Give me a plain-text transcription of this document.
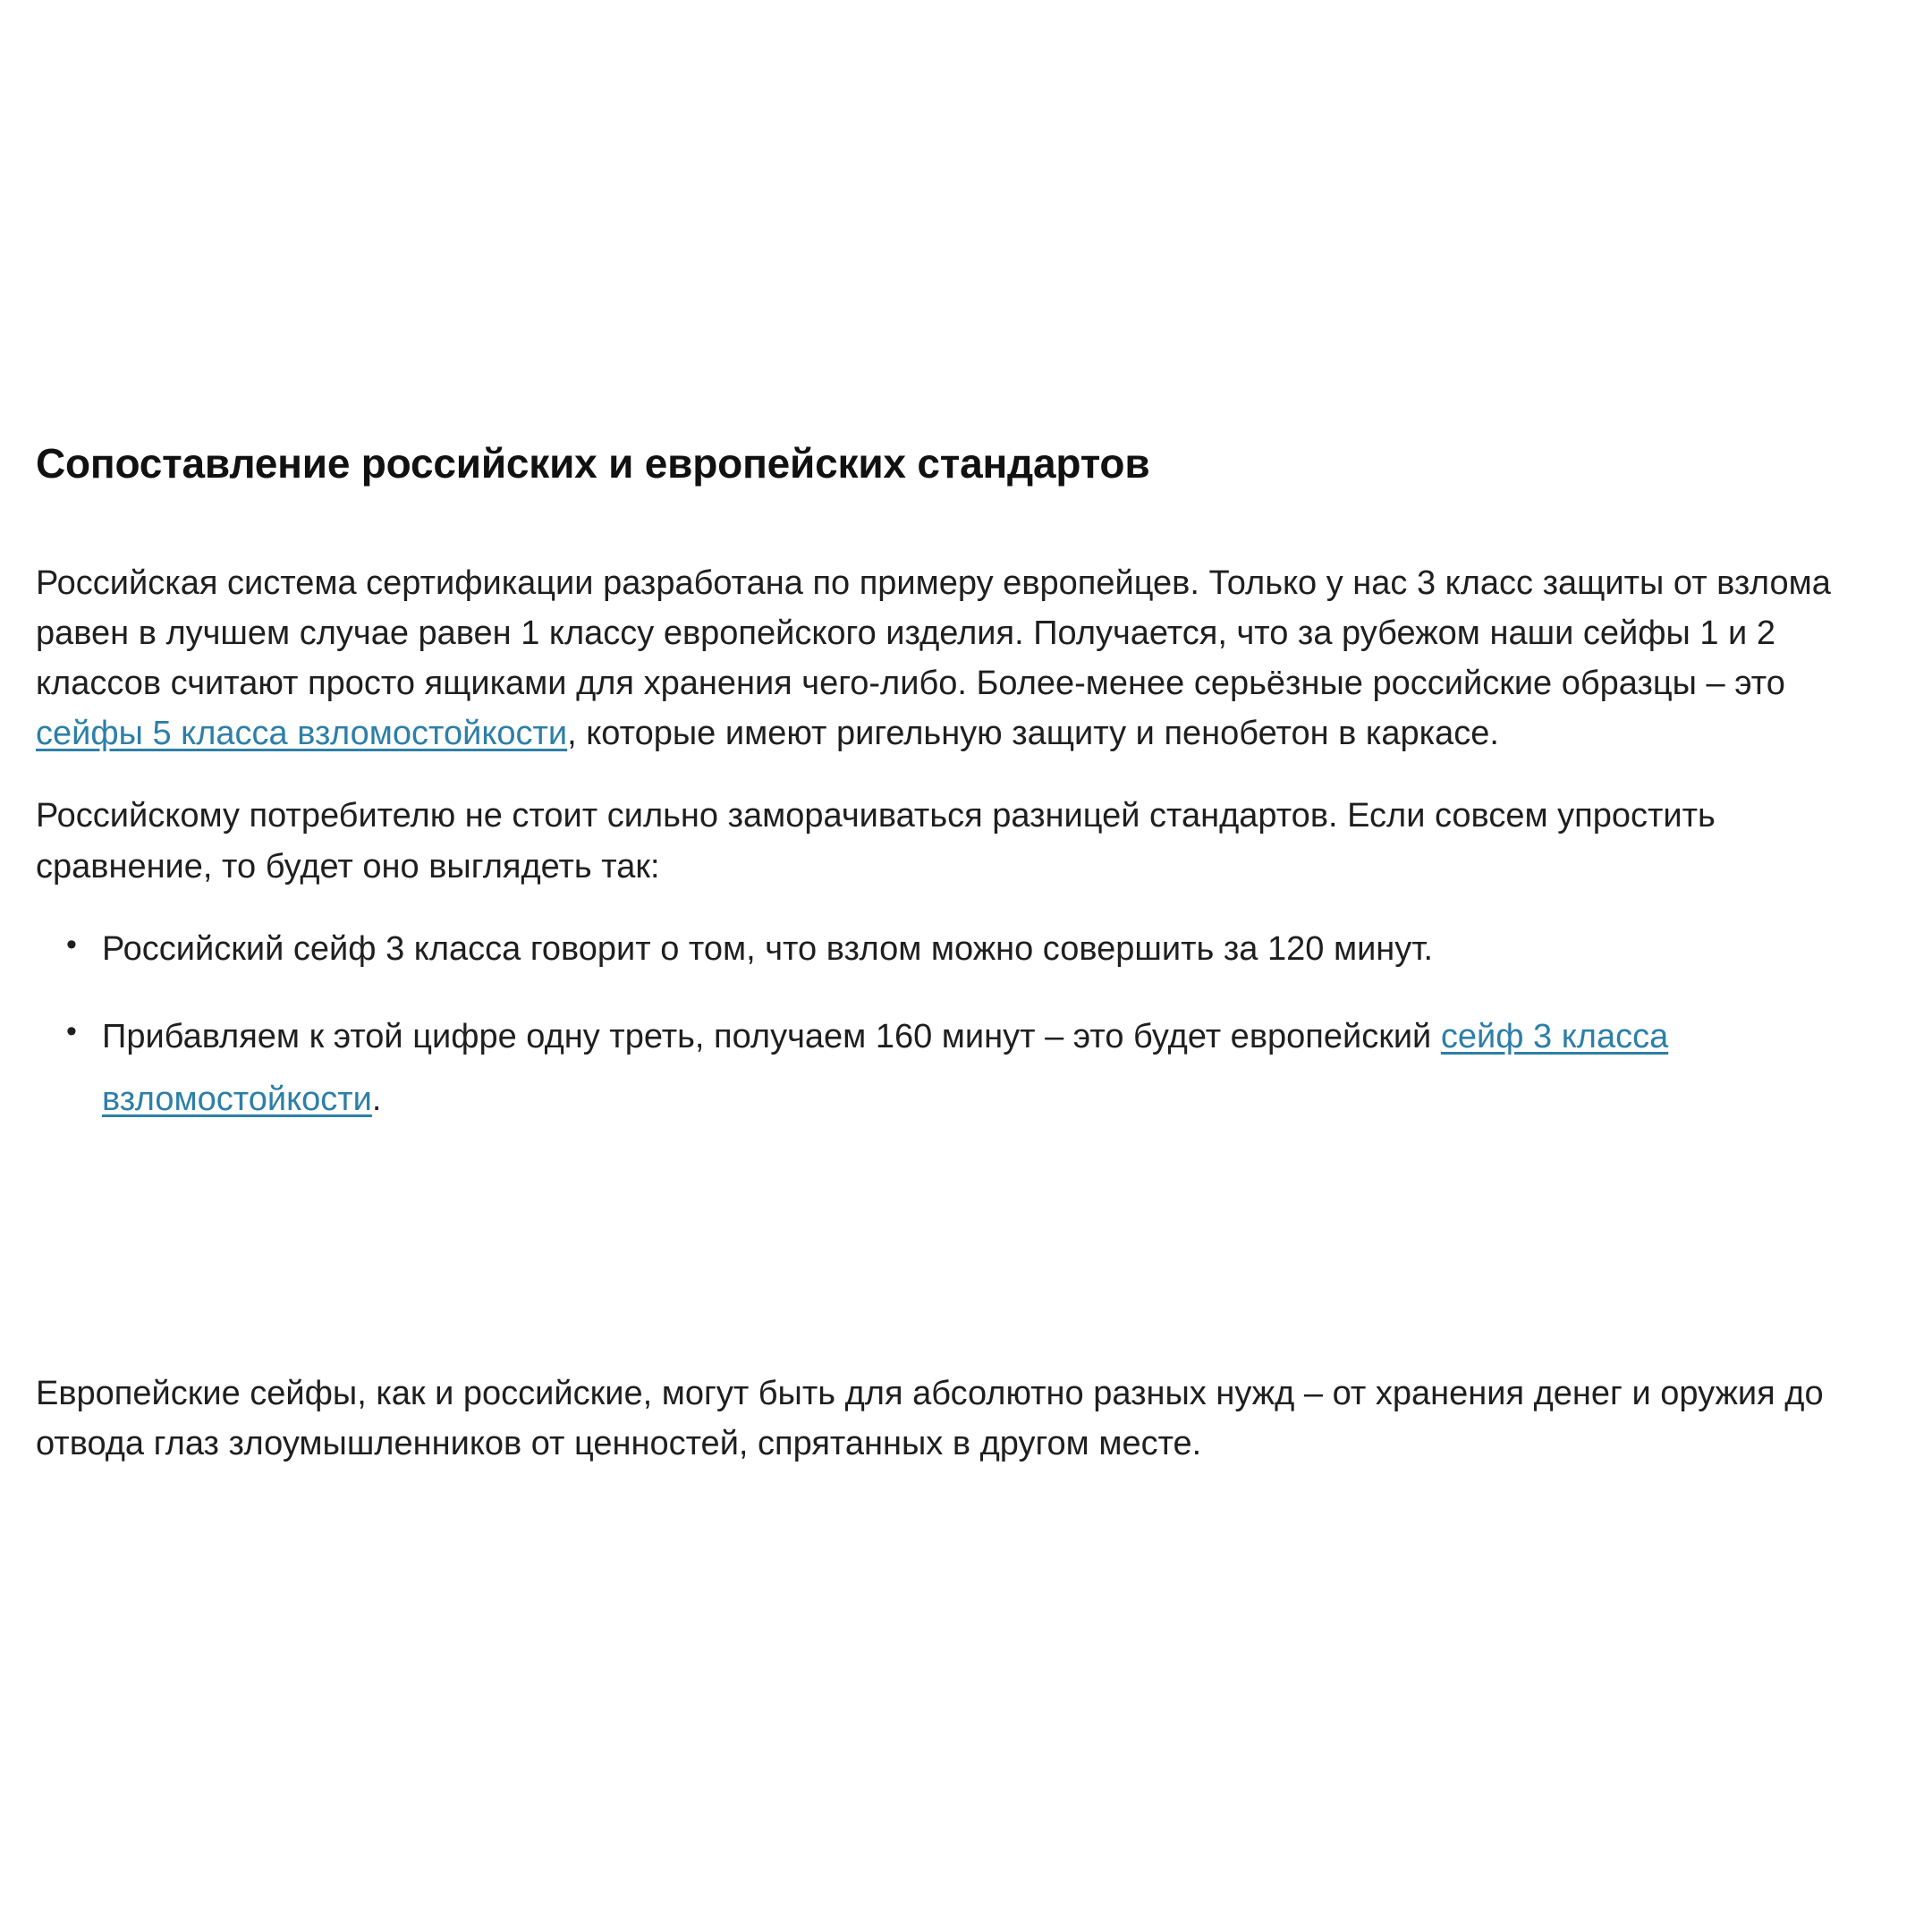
Сопоставление российских и европейских стандартов

Российская система сертификации разработана по примеру европейцев. Только у нас 3 класс защиты от взлома равен в лучшем случае равен 1 классу европейского изделия. Получается, что за рубежом наши сейфы 1 и 2 классов считают просто ящиками для хранения чего-либо. Более-менее серьёзные российские образцы – это сейфы 5 класса взломостойкости, которые имеют ригельную защиту и пенобетон в каркасе.

Российскому потребителю не стоит сильно заморачиваться разницей стандартов. Если совсем упростить сравнение, то будет оно выглядеть так:

• Российский сейф 3 класса говорит о том, что взлом можно совершить за 120 минут.
• Прибавляем к этой цифре одну треть, получаем 160 минут – это будет европейский сейф 3 класса взломостойкости.

Европейские сейфы, как и российские, могут быть для абсолютно разных нужд – от хранения денег и оружия до отвода глаз злоумышленников от ценностей, спрятанных в другом месте.
